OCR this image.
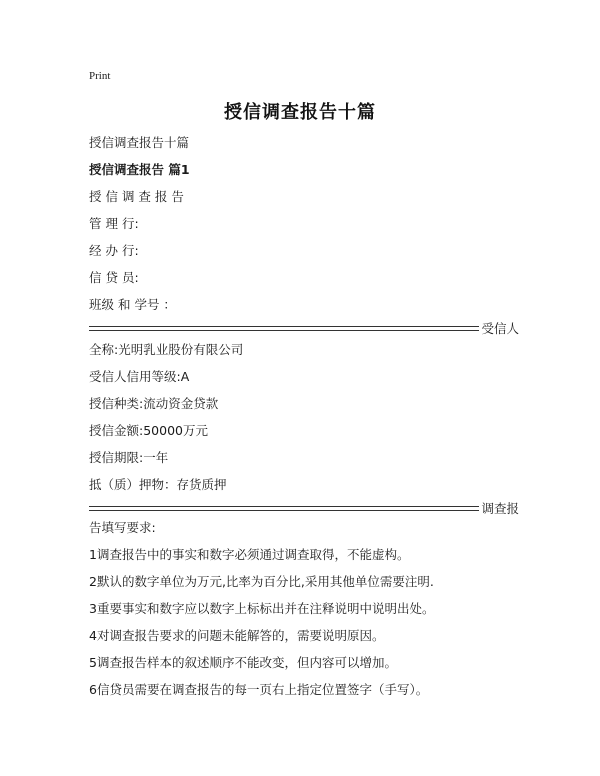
Print
授信调查报告十篇
授信调查报告十篇
授信调查报告 篇1
授 信 调 查 报 告
管 理 行:
经 办 行:
信 贷 员:
班级 和 学号 ：
受信人
全称:光明乳业股份有限公司
受信人信用等级:A
授信种类:流动资金贷款
授信金额:50000万元
授信期限:一年
抵（质）押物：存货质押
调查报
告填写要求:
1调查报告中的事实和数字必须通过调查取得，不能虚构。
2默认的数字单位为万元,比率为百分比,采用其他单位需要注明.
3重要事实和数字应以数字上标标出并在注释说明中说明出处。
4对调查报告要求的问题未能解答的，需要说明原因。
5调查报告样本的叙述顺序不能改变，但内容可以增加。
6信贷员需要在调查报告的每一页右上指定位置签字（手写）。
